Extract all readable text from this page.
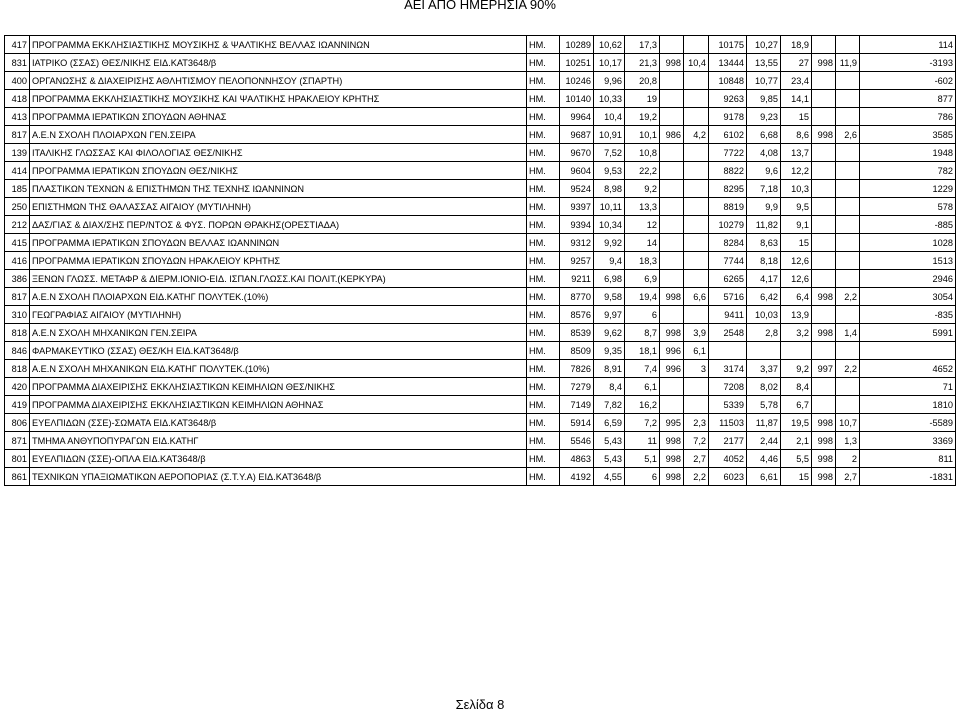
ΑΕΙ ΑΠΟ ΗΜΕΡΗΣΙΑ 90%
417	ΠΡΟΓΡΑΜΜΑ ΕΚΚΛΗΣΙΑΣΤΙΚΗΣ ΜΟΥΣΙΚΗΣ & ΨΑΛΤΙΚΗΣ ΒΕΛΛΑΣ ΙΩΑΝΝΙΝΩΝ	ΗΜ.	10289	10,62	17,3			10175	10,27	18,9			114
831	ΙΑΤΡΙΚΟ (ΣΣΑΣ) ΘΕΣ/ΝΙΚΗΣ ΕΙΔ.ΚΑΤ3648/β	ΗΜ.	10251	10,17	21,3	998	10,4	13444	13,55	27	998	11,9	-3193
400	ΟΡΓΑΝΩΣΗΣ & ΔΙΑΧΕΙΡΙΣΗΣ ΑΘΛΗΤΙΣΜΟΥ ΠΕΛΟΠΟΝΝΗΣΟΥ (ΣΠΑΡΤΗ)	ΗΜ.	10246	9,96	20,8			10848	10,77	23,4			-602
418	ΠΡΟΓΡΑΜΜΑ ΕΚΚΛΗΣΙΑΣΤΙΚΗΣ ΜΟΥΣΙΚΗΣ ΚΑΙ ΨΑΛΤΙΚΗΣ ΗΡΑΚΛΕΙΟΥ ΚΡΗΤΗΣ	ΗΜ.	10140	10,33	19			9263	9,85	14,1			877
413	ΠΡΟΓΡΑΜΜΑ ΙΕΡΑΤΙΚΩΝ ΣΠΟΥΔΩΝ ΑΘΗΝΑΣ	ΗΜ.	9964	10,4	19,2			9178	9,23	15			786
817	Α.Ε.Ν ΣΧΟΛΗ ΠΛΟΙΑΡΧΩΝ ΓΕΝ.ΣΕΙΡΑ	ΗΜ.	9687	10,91	10,1	986	4,2	6102	6,68	8,6	998	2,6	3585
139	ΙΤΑΛΙΚΗΣ ΓΛΩΣΣΑΣ ΚΑΙ ΦΙΛΟΛΟΓΙΑΣ ΘΕΣ/ΝΙΚΗΣ	ΗΜ.	9670	7,52	10,8			7722	4,08	13,7			1948
414	ΠΡΟΓΡΑΜΜΑ ΙΕΡΑΤΙΚΩΝ ΣΠΟΥΔΩΝ ΘΕΣ/ΝΙΚΗΣ	ΗΜ.	9604	9,53	22,2			8822	9,6	12,2			782
185	ΠΛΑΣΤΙΚΩΝ ΤΕΧΝΩΝ & ΕΠΙΣΤΗΜΩΝ ΤΗΣ ΤΕΧΝΗΣ ΙΩΑΝΝΙΝΩΝ	ΗΜ.	9524	8,98	9,2			8295	7,18	10,3			1229
250	ΕΠΙΣΤΗΜΩΝ ΤΗΣ ΘΑΛΑΣΣΑΣ ΑΙΓΑΙΟΥ (ΜΥΤΙΛΗΝΗ)	ΗΜ.	9397	10,11	13,3			8819	9,9	9,5			578
212	ΔΑΣ/ΓΙΑΣ & ΔΙΑΧ/ΣΗΣ ΠΕΡ/ΝΤΟΣ & ΦΥΣ. ΠΟΡΩΝ ΘΡΑΚΗΣ(ΟΡΕΣΤΙΑΔΑ)	ΗΜ.	9394	10,34	12			10279	11,82	9,1			-885
415	ΠΡΟΓΡΑΜΜΑ ΙΕΡΑΤΙΚΩΝ ΣΠΟΥΔΩΝ ΒΕΛΛΑΣ ΙΩΑΝΝΙΝΩΝ	ΗΜ.	9312	9,92	14			8284	8,63	15			1028
416	ΠΡΟΓΡΑΜΜΑ ΙΕΡΑΤΙΚΩΝ ΣΠΟΥΔΩΝ ΗΡΑΚΛΕΙΟΥ ΚΡΗΤΗΣ	ΗΜ.	9257	9,4	18,3			7744	8,18	12,6			1513
386	ΞΕΝΩΝ ΓΛΩΣΣ. ΜΕΤΑΦΡ & ΔΙΕΡΜ.ΙΟΝΙΟ-ΕΙΔ. ΙΣΠΑΝ.ΓΛΩΣΣ.ΚΑΙ ΠΟΛΙΤ.(ΚΕΡΚΥΡΑ)	ΗΜ.	9211	6,98	6,9			6265	4,17	12,6			2946
817	Α.Ε.Ν ΣΧΟΛΗ ΠΛΟΙΑΡΧΩΝ ΕΙΔ.ΚΑΤΗΓ ΠΟΛΥΤΕΚ.(10%)	ΗΜ.	8770	9,58	19,4	998	6,6	5716	6,42	6,4	998	2,2	3054
310	ΓΕΩΓΡΑΦΙΑΣ ΑΙΓΑΙΟΥ (ΜΥΤΙΛΗΝΗ)	ΗΜ.	8576	9,97	6			9411	10,03	13,9			-835
818	Α.Ε.Ν ΣΧΟΛΗ ΜΗΧΑΝΙΚΩΝ ΓΕΝ.ΣΕΙΡΑ	ΗΜ.	8539	9,62	8,7	998	3,9	2548	2,8	3,2	998	1,4	5991
846	ΦΑΡΜΑΚΕΥΤΙΚΟ (ΣΣΑΣ) ΘΕΣ/ΚΗ ΕΙΔ.ΚΑΤ3648/β	ΗΜ.	8509	9,35	18,1	996	6,1						
818	Α.Ε.Ν ΣΧΟΛΗ ΜΗΧΑΝΙΚΩΝ ΕΙΔ.ΚΑΤΗΓ ΠΟΛΥΤΕΚ.(10%)	ΗΜ.	7826	8,91	7,4	996	3	3174	3,37	9,2	997	2,2	4652
420	ΠΡΟΓΡΑΜΜΑ ΔΙΑΧΕΙΡΙΣΗΣ ΕΚΚΛΗΣΙΑΣΤΙΚΩΝ ΚΕΙΜΗΛΙΩΝ ΘΕΣ/ΝΙΚΗΣ	ΗΜ.	7279	8,4	6,1			7208	8,02	8,4			71
419	ΠΡΟΓΡΑΜΜΑ ΔΙΑΧΕΙΡΙΣΗΣ ΕΚΚΛΗΣΙΑΣΤΙΚΩΝ ΚΕΙΜΗΛΙΩΝ ΑΘΗΝΑΣ	ΗΜ.	7149	7,82	16,2			5339	5,78	6,7			1810
806	ΕΥΕΛΠΙΔΩΝ (ΣΣΕ)-ΣΩΜΑΤΑ ΕΙΔ.ΚΑΤ3648/β	ΗΜ.	5914	6,59	7,2	995	2,3	11503	11,87	19,5	998	10,7	-5589
871	ΤΜΗΜΑ ΑΝΘΥΠΟΠΥΡΑΓΩΝ ΕΙΔ.ΚΑΤΗΓ	ΗΜ.	5546	5,43	11	998	7,2	2177	2,44	2,1	998	1,3	3369
801	ΕΥΕΛΠΙΔΩΝ (ΣΣΕ)-ΟΠΛΑ ΕΙΔ.ΚΑΤ3648/β	ΗΜ.	4863	5,43	5,1	998	2,7	4052	4,46	5,5	998	2	811
861	ΤΕΧΝΙΚΩΝ ΥΠΑΞΙΩΜΑΤΙΚΩΝ ΑΕΡΟΠΟΡΙΑΣ (Σ.Τ.Υ.Α) ΕΙΔ.ΚΑΤ3648/β	ΗΜ.	4192	4,55	6	998	2,2	6023	6,61	15	998	2,7	-1831
Σελίδα 8
